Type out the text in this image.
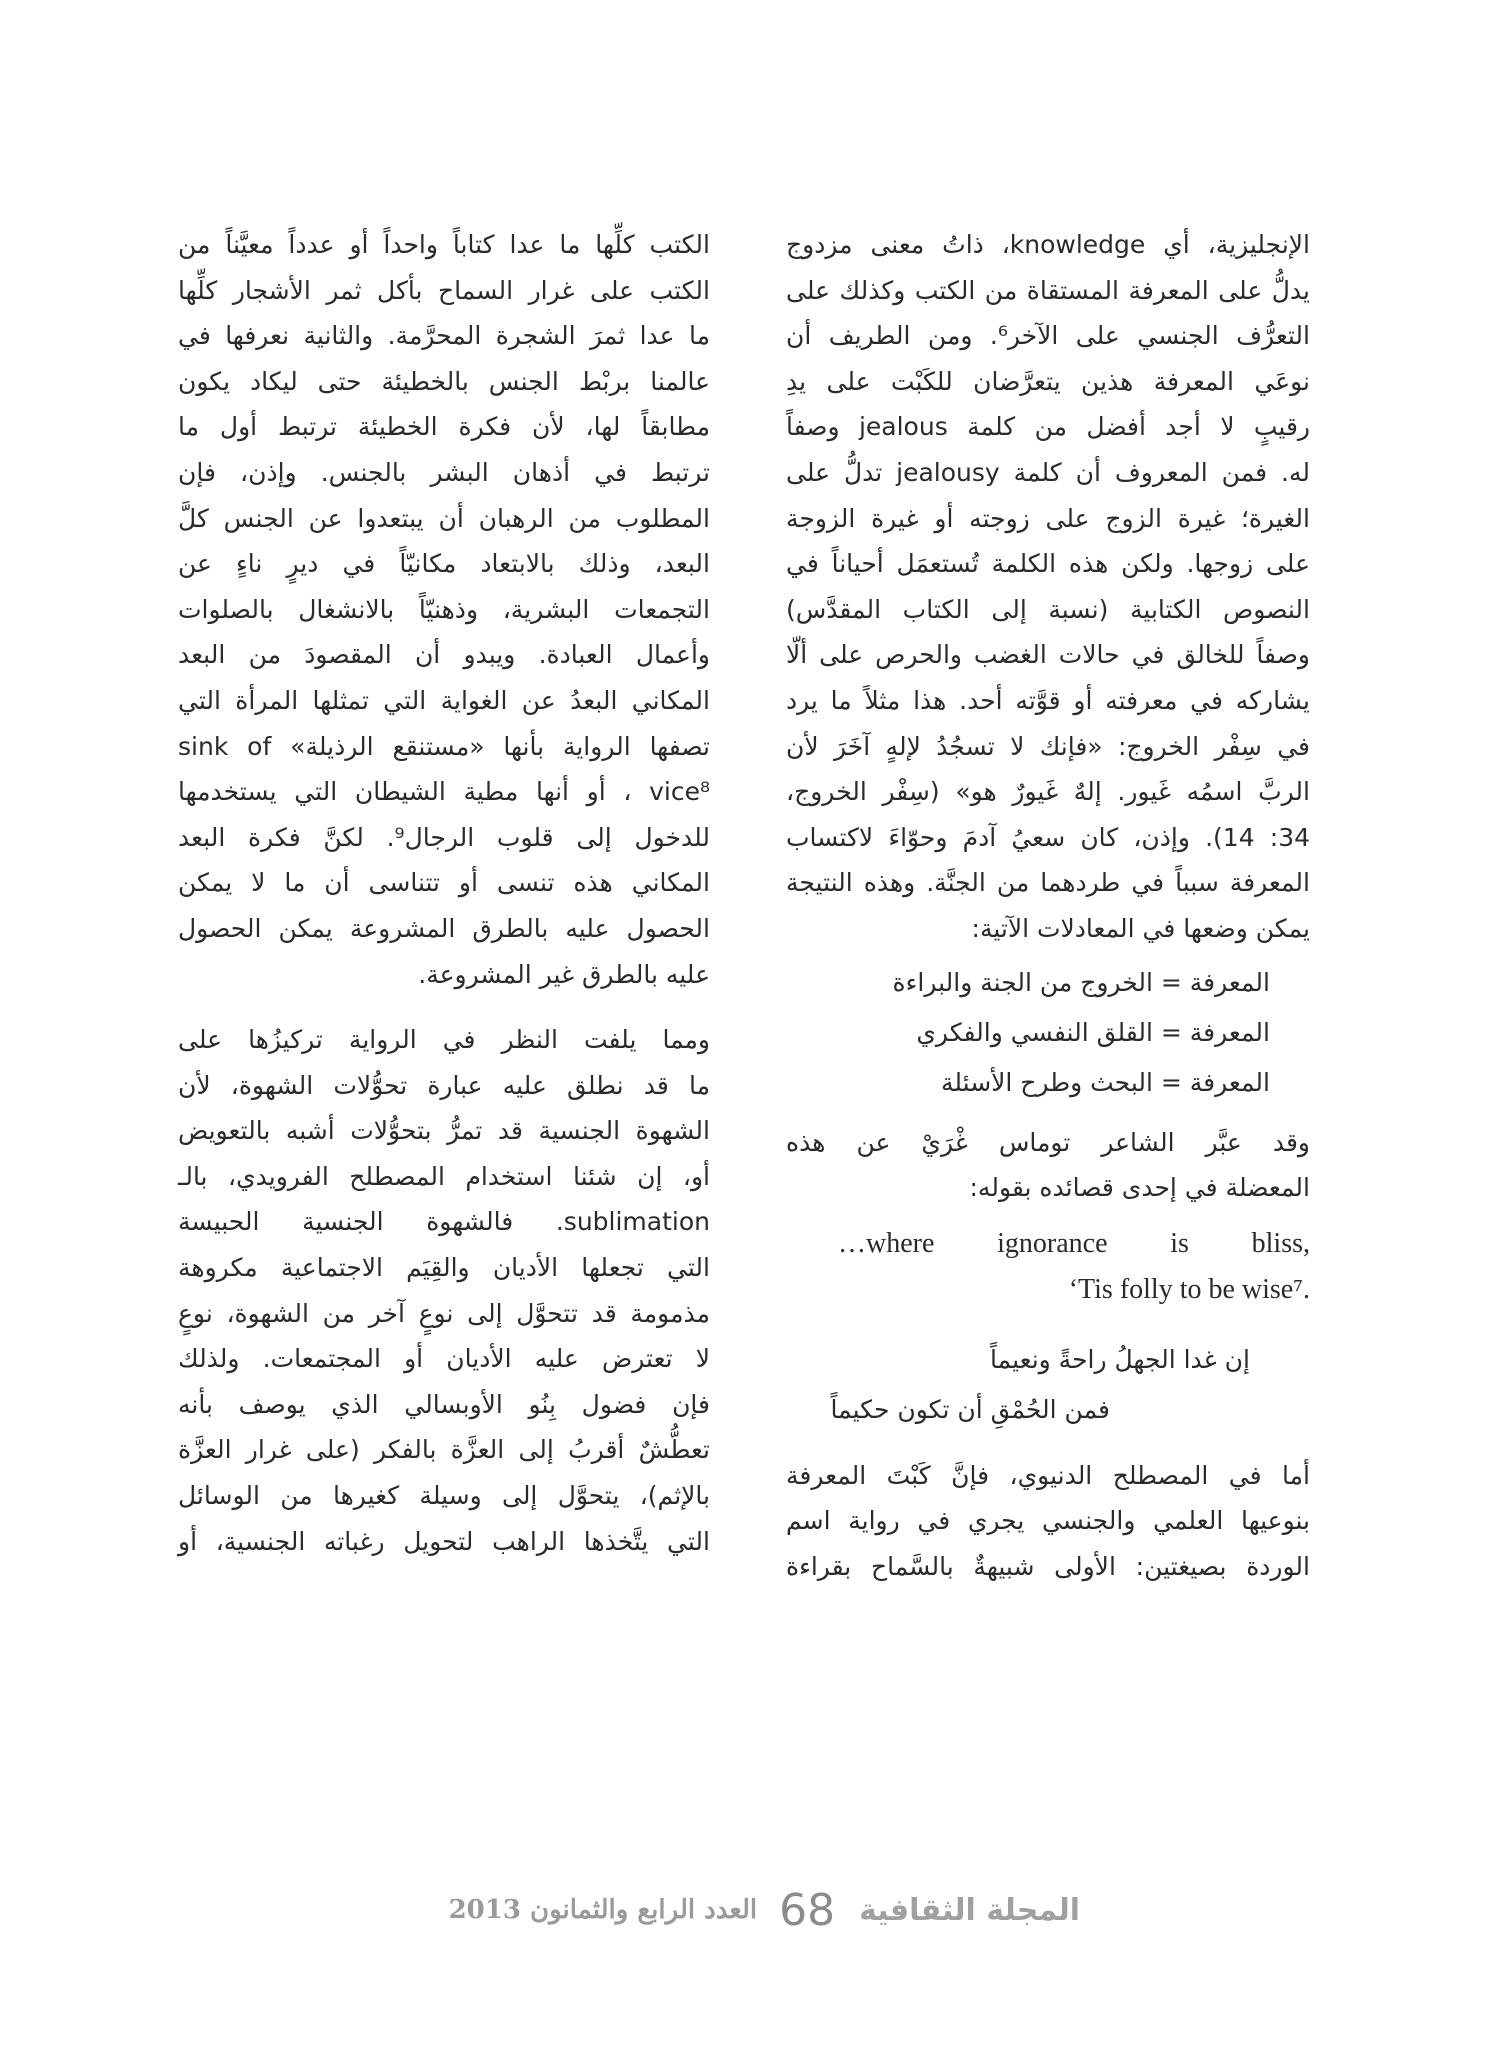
الإنجليزية، أي knowledge، ذاتُ معنى مزدوج
يدلُّ على المعرفة المستقاة من الكتب وكذلك على
التعرُّف الجنسي على الآخر⁶. ومن الطريف أن
نوعَي المعرفة هذين يتعرَّضان للكَبْت على يدِ
رقيبٍ لا أجد أفضل من كلمة jealous وصفاً
له. فمن المعروف أن كلمة jealousy تدلُّ على
الغيرة؛ غيرة الزوج على زوجته أو غيرة الزوجة
على زوجها. ولكن هذه الكلمة تُستعمَل أحياناً في
النصوص الكتابية (نسبة إلى الكتاب المقدَّس)
وصفاً للخالق في حالات الغضب والحرص على ألّا
يشاركه في معرفته أو قوَّته أحد. هذا مثلاً ما يرد
في سِفْر الخروج: «فإنك لا تسجُدُ لإلهٍ آخَرَ لأن
الربَّ اسمُه غَيور. إلهٌ غَيورٌ هو» (سِفْر الخروج،
34: 14). وإذن، كان سعيُ آدمَ وحوّاءَ لاكتساب
المعرفة سبباً في طردهما من الجنَّة. وهذه النتيجة
يمكن وضعها في المعادلات الآتية:
المعرفة = الخروج من الجنة والبراءة
المعرفة = القلق النفسي والفكري
المعرفة = البحث وطرح الأسئلة
وقد عبَّر الشاعر توماس غْرَيْ عن هذه
المعضلة في إحدى قصائده بقوله:
…where ignorance is bliss,
‘Tis folly to be wise⁷.
إن غدا الجهلُ راحةً ونعيماً
فمن الحُمْقِ أن تكون حكيماً
أما في المصطلح الدنيوي، فإنَّ كَبْتَ المعرفة
بنوعيها العلمي والجنسي يجري في رواية اسم
الوردة بصيغتين: الأولى شبيهةٌ بالسَّماح بقراءة
الكتب كلِّها ما عدا كتاباً واحداً أو عدداً معيَّناً من
الكتب على غرار السماح بأكل ثمر الأشجار كلِّها
ما عدا ثمرَ الشجرة المحرَّمة. والثانية نعرفها في
عالمنا بربْط الجنس بالخطيئة حتى ليكاد يكون
مطابقاً لها، لأن فكرة الخطيئة ترتبط أول ما
ترتبط في أذهان البشر بالجنس. وإذن، فإن
المطلوب من الرهبان أن يبتعدوا عن الجنس كلَّ
البعد، وذلك بالابتعاد مكانيّاً في ديرٍ ناءٍ عن
التجمعات البشرية، وذهنيّاً بالانشغال بالصلوات
وأعمال العبادة. ويبدو أن المقصودَ من البعد
المكاني البعدُ عن الغواية التي تمثلها المرأة التي
تصفها الرواية بأنها «مستنقع الرذيلة» sink of
vice⁸ ، أو أنها مطية الشيطان التي يستخدمها
للدخول إلى قلوب الرجال⁹. لكنَّ فكرة البعد
المكاني هذه تنسى أو تتناسى أن ما لا يمكن
الحصول عليه بالطرق المشروعة يمكن الحصول
عليه بالطرق غير المشروعة.
ومما يلفت النظر في الرواية تركيزُها على
ما قد نطلق عليه عبارة تحوُّلات الشهوة، لأن
الشهوة الجنسية قد تمرُّ بتحوُّلات أشبه بالتعويض
أو، إن شئنا استخدام المصطلح الفرويدي، بالـ
sublimation. فالشهوة الجنسية الحبيسة
التي تجعلها الأديان والقِيَم الاجتماعية مكروهة
مذمومة قد تتحوَّل إلى نوعٍ آخر من الشهوة، نوعٍ
لا تعترض عليه الأديان أو المجتمعات. ولذلك
فإن فضول بِنُو الأوبسالي الذي يوصف بأنه
تعطُّشٌ أقربُ إلى العزَّة بالفكر (على غرار العزَّة
بالإثم)، يتحوَّل إلى وسيلة كغيرها من الوسائل
التي يتَّخذها الراهب لتحويل رغباته الجنسية، أو
المجلة الثقافية
68
العدد الرابع والثمانون 2013
